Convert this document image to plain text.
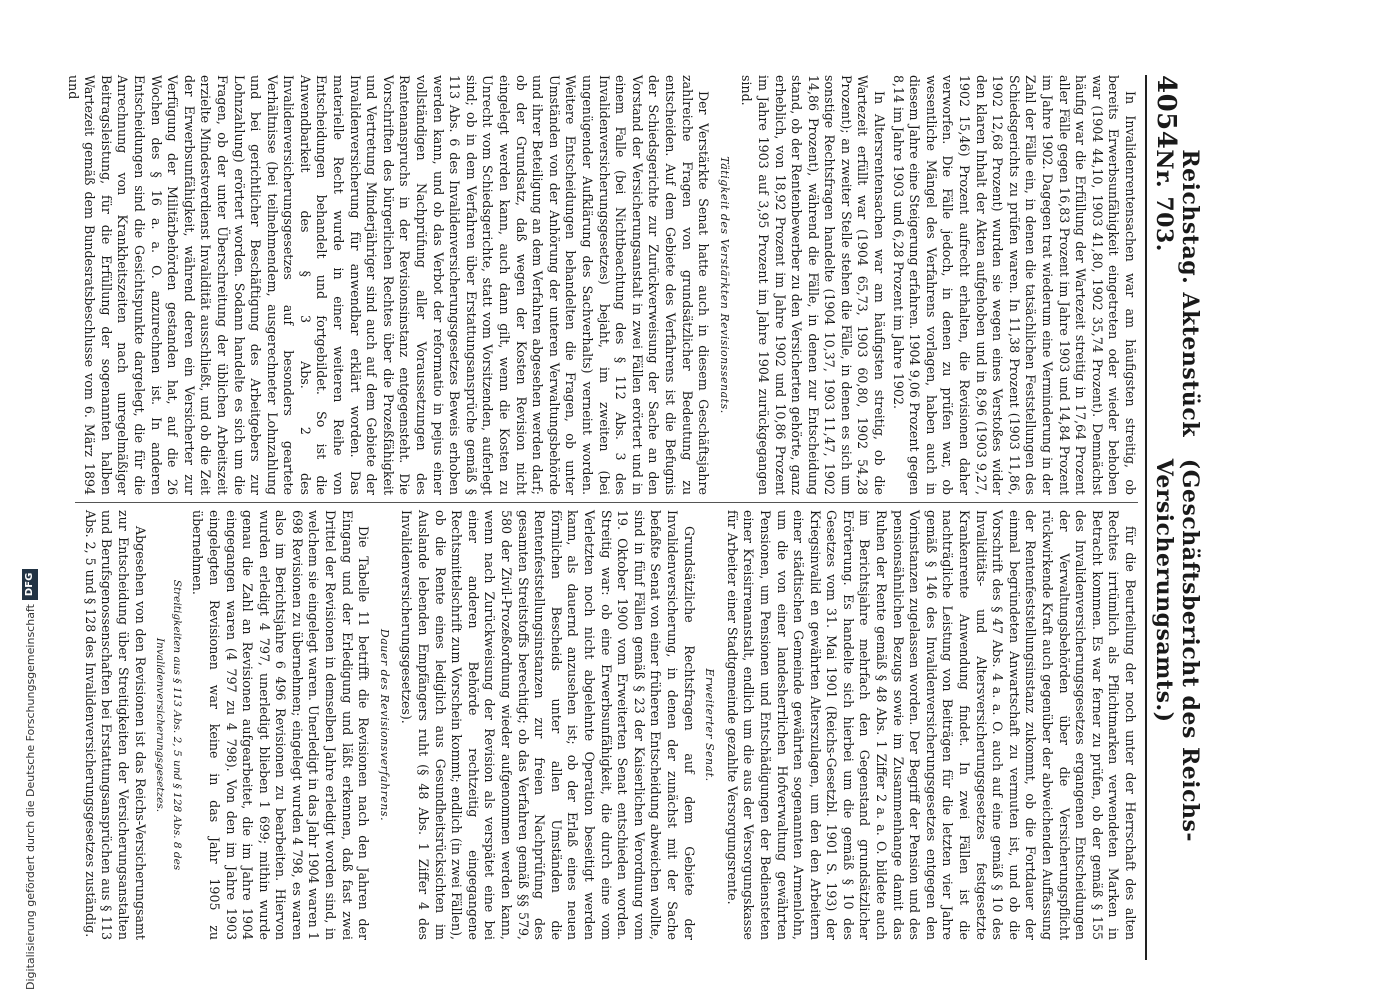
4054
Reichstag. Aktenstück Nr. 703.
(Geschäftsbericht des Reichs-Versicherungsamts.)

In Invalidenrentensachen war am häufigsten streitig, ob bereits Erwerbsunfähigkeit eingetreten oder wieder behoben war (1904 44,10, 1903 41,80, 1902 35,74 Prozent). Demnächst häufig war die Erfüllung der Wartezeit streitig in 17,64 Prozent aller Fälle gegen 16,83 Prozent im Jahre 1903 und 14,84 Prozent im Jahre 1902. Dagegen trat wiederum eine Verminderung in der Zahl der Fälle ein, in denen die tatsächlichen Feststellungen des Schiedsgerichts zu prüfen waren. In 11,38 Prozent (1903 11,86, 1902 12,68 Prozent) wurden sie wegen eines Verstoßes wider den klaren Inhalt der Akten aufgehoben und in 8,96 (1903 9,27, 1902 15,46) Prozent aufrecht erhalten, die Revisionen daher verworfen. Die Fälle jedoch, in denen zu prüfen war, ob wesentliche Mängel des Verfahrens vorlagen, haben auch in diesem Jahre eine Steigerung erfahren. 1904 9,06 Prozent gegen 8,14 im Jahre 1903 und 6,28 Prozent im Jahre 1902.

In Altersrentensachen war am häufigsten streitig, ob die Wartezeit erfüllt war (1904 65,73, 1903 60,80, 1902 54,28 Prozent); an zweiter Stelle stehen die Fälle, in denen es sich um sonstige Rechtsfragen handelte (1904 10,37, 1903 11,47, 1902 14,86 Prozent), während die Fälle, in denen zur Entscheidung stand, ob der Rentenbewerber zu den Versicherten gehörte, ganz erheblich, von 18,92 Prozent im Jahre 1902 und 10,86 Prozent im Jahre 1903 auf 3,95 Prozent im Jahre 1904 zurückgegangen sind.

Tätigkeit des Verstärkten Revisionssenats.

Der Verstärkte Senat hatte auch in diesem Geschäftsjahre zahlreiche Fragen von grundsätzlicher Bedeutung zu entscheiden. Auf dem Gebiete des Verfahrens ist die Befugnis der Schiedsgerichte zur Zurückverweisung der Sache an den Vorstand der Versicherungsanstalt in zwei Fällen erörtert und in einem Falle (bei Nichtbeachtung des § 112 Abs. 3 des Invalidenversicherungsgesetzes) bejaht, im zweiten (bei ungenügender Aufklärung des Sachverhalts) verneint worden. Weitere Entscheidungen behandelten die Fragen, ob unter Umständen von der Anhörung der unteren Verwaltungsbehörde und ihrer Beteiligung an dem Verfahren abgesehen werden darf; ob der Grundsatz, daß wegen der Kosten Revision nicht eingelegt werden kann, auch dann gilt, wenn die Kosten zu Unrecht vom Schiedsgerichte, statt vom Vorsitzenden, auferlegt sind; ob in dem Verfahren über Erstattungsansprüche gemäß § 113 Abs. 6 des Invalidenversicherungsgesetzes Beweis erhoben werden kann, und ob das Verbot der reformatio in pejus einer vollständigen Nachprüfung aller Voraussetzungen des Rentenanspruchs in der Revisionsinstanz entgegensteht. Die Vorschriften des bürgerlichen Rechtes über die Prozeßfähigkeit und Vertretung Minderjähriger sind auch auf dem Gebiete der Invalidenversicherung für anwendbar erklärt worden. Das materielle Recht wurde in einer weiteren Reihe von Entscheidungen behandelt und fortgebildet. So ist die Anwendbarkeit des § 3 Abs. 2 des Invalidenversicherungsgesetzes auf besonders geartete Verhältnisse (bei teilnehmendem, ausgerechneter Lohnzahlung und bei gerichtlicher Beschäftigung des Arbeitgebers zur Lohnzahlung) erörtert worden. Sodann handelte es sich um die Fragen, ob der unter Überschreitung der üblichen Arbeitszeit erzielte Mindestverdienst Invalidität ausschließt, und ob die Zeit der Erwerbsunfähigkeit, während deren ein Versicherter zur Verfügung der Militärbehörden gestanden hat, auf die 26 Wochen des § 16 a. a. O. anzurechnen ist. In anderen Entscheidungen sind die Gesichtspunkte dargelegt, die für die Anrechnung von Krankheitszeiten nach unregelmäßiger Beitragsleistung, für die Erfüllung der sogenannten halben Wartezeit gemäß dem Bundesratsbeschlusse vom 6. März 1894 und

für die Beurteilung der noch unter der Herrschaft des alten Rechtes irrtümlich als Pflichtmarken verwendeten Marken in Betracht kommen. Es war ferner zu prüfen, ob der gemäß § 155 des Invalidenversicherungsgesetzes ergangenen Entscheidungen der Verwaltungsbehörden über die Versicherungspflicht rückwirkende Kraft auch gegenüber der abweichenden Auffassung der Rentenfeststellungsinstanz zukommt, ob die Fortdauer der einmal begründeten Anwartschaft zu vermuten ist, und ob die Vorschrift des § 47 Abs. 4 a. a. O. auch auf eine gemäß § 10 des Invaliditäts- und Altersversicherungsgesetzes festgesetzte Krankenrente Anwendung findet. In zwei Fällen ist die nachträgliche Leistung von Beiträgen für die letzten vier Jahre gemäß § 146 des Invalidenversicherungsgesetzes entgegen den Vorinstanzen zugelassen worden. Der Begriff der Pension und des pensionsähnlichen Bezugs sowie im Zusammenhange damit das Ruhen der Rente gemäß § 48 Abs. 1 Ziffer 2 a. a. O. bildete auch im Berichtsjahre mehrfach den Gegenstand grundsätzlicher Erörterung. Es handelte sich hierbei um die gemäß § 10 des Gesetzes vom 31. Mai 1901 (Reichs-Gesetzbl. 1901 S. 193) der Kriegsinvalid en gewährten Alterszulagen, um den den Arbeitern einer städtischen Gemeinde gewährten sogenannten Armenlohn, um die von einer landesherrlichen Hofverwaltung gewährten Pensionen, um Pensionen und Entschädigungen der Bediensteten einer Kreisirrenanstalt, endlich um die aus der Versorgungskasse für Arbeiter einer Stadtgemeinde gezahlte Versorgungsrente.

Erweiterter Senat.

Grundsätzliche Rechtsfragen auf dem Gebiete der Invalidenversicherung, in denen der zunächst mit der Sache befaßte Senat von einer früheren Entscheidung abweichen wollte, sind in fünf Fällen gemäß § 23 der Kaiserlichen Verordnung vom 19. Oktober 1900 vom Erweiterten Senat entschieden worden. Streitig war: ob eine Erwerbsunfähigkeit, die durch eine vom Verletzten noch nicht abgelehnte Operation beseitigt werden kann, als dauernd anzusehen ist; ob der Erlaß eines neuen förmlichen Bescheids unter allen Umständen die Rentenfeststellungsinstanzen zur freien Nachprüfung des gesamten Streitstoffs berechtigt; ob das Verfahren gemäß §§ 579, 580 der Zivil-Prozeßordnung wieder aufgenommen werden kann, wenn nach Zurückweisung der Revision als verspätet eine bei einer anderen Behörde rechtzeitig eingegangene Rechtsmittelschrift zum Vorschein kommt; endlich (in zwei Fällen), ob die Rente eines lediglich aus Gesundheitsrücksichten im Auslande lebenden Empfängers ruht (§ 48 Abs. 1 Ziffer 4 des Invalidenversicherungsgesetzes).

Dauer des Revisionsverfahrens.

Die Tabelle 11 betrifft die Revisionen nach den Jahren der Eingang und der Erledigung und läßt erkennen, daß fast zwei Drittel der Revisionen in demselben Jahre erledigt worden sind, in welchem sie eingelegt waren. Unerledigt in das Jahr 1904 waren 1 698 Revisionen zu übernehmen; eingelegt wurden 4 798, es waren also im Berichtsjahre 6 496 Revisionen zu bearbeiten. Hiervon wurden erledigt 4 797, unerledigt blieben 1 699; mithin wurde genau die Zahl an Revisionen aufgearbeitet, die im Jahre 1904 eingegangen waren (4 797 zu 4 798). Von den im Jahre 1903 eingelegten Revisionen war keine in das Jahr 1905 zu übernehmen.

Streitigkeiten aus § 113 Abs. 2, 5 und § 128 Abs. 8 des Invalidenversicherungsgesetzes.

Abgesehen von den Revisionen ist das Reichs-Versicherungsamt zur Entscheidung über Streitigkeiten der Versicherungsanstalten und Berufsgenossenschaften bei Erstattungsansprüchen aus § 113 Abs. 2, 5 und § 128 des Invalidenversicherungsgesetzes zuständig.

Digitalisierung gefördert durch die Deutsche Forschungsgemeinschaft
DFG
